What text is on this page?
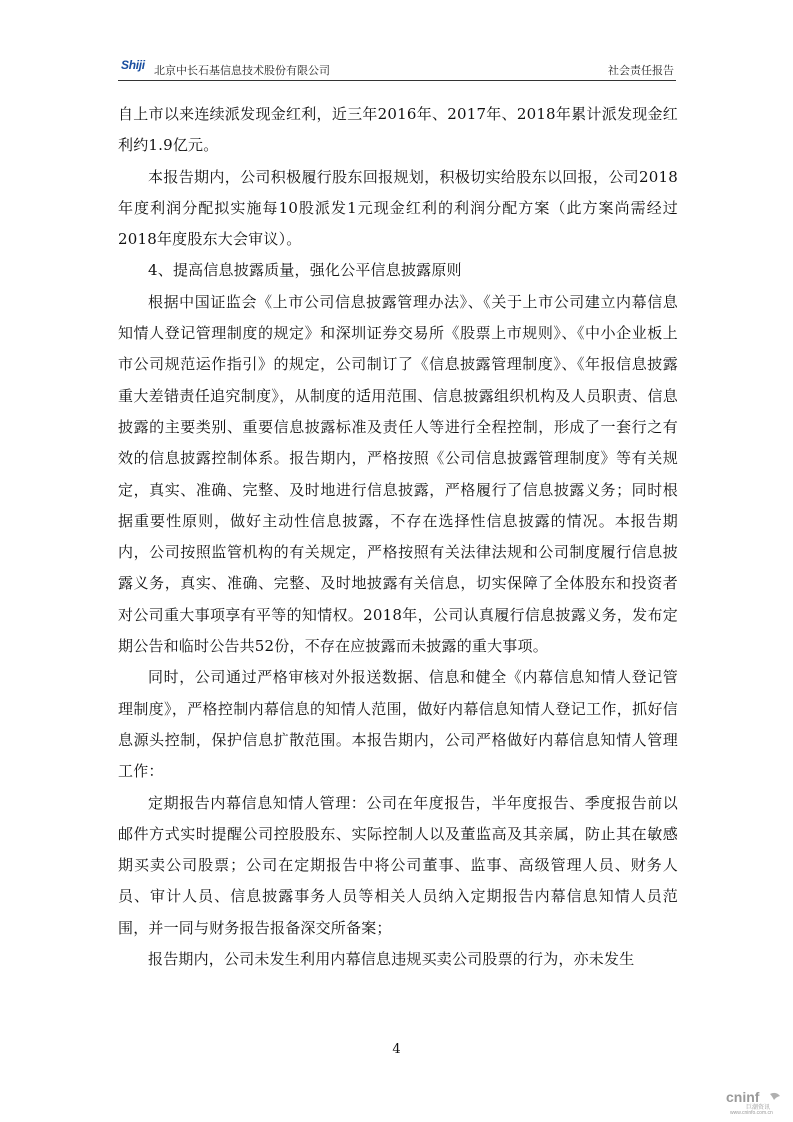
Shiji 北京中长石基信息技术股份有限公司	社会责任报告

自上市以来连续派发现金红利，近三年2016年、2017年、2018年累计派发现金红利约1.9亿元。

本报告期内，公司积极履行股东回报规划，积极切实给股东以回报，公司2018年度利润分配拟实施每10股派发1元现金红利的利润分配方案（此方案尚需经过2018年度股东大会审议）。

4、提高信息披露质量，强化公平信息披露原则

根据中国证监会《上市公司信息披露管理办法》、《关于上市公司建立内幕信息知情人登记管理制度的规定》和深圳证券交易所《股票上市规则》、《中小企业板上市公司规范运作指引》的规定，公司制订了《信息披露管理制度》、《年报信息披露重大差错责任追究制度》，从制度的适用范围、信息披露组织机构及人员职责、信息披露的主要类别、重要信息披露标准及责任人等进行全程控制，形成了一套行之有效的信息披露控制体系。报告期内，严格按照《公司信息披露管理制度》等有关规定，真实、准确、完整、及时地进行信息披露，严格履行了信息披露义务；同时根据重要性原则，做好主动性信息披露，不存在选择性信息披露的情况。本报告期内，公司按照监管机构的有关规定，严格按照有关法律法规和公司制度履行信息披露义务，真实、准确、完整、及时地披露有关信息，切实保障了全体股东和投资者对公司重大事项享有平等的知情权。2018年，公司认真履行信息披露义务，发布定期公告和临时公告共52份，不存在应披露而未披露的重大事项。

同时，公司通过严格审核对外报送数据、信息和健全《内幕信息知情人登记管理制度》，严格控制内幕信息的知情人范围，做好内幕信息知情人登记工作，抓好信息源头控制，保护信息扩散范围。本报告期内，公司严格做好内幕信息知情人管理工作：

定期报告内幕信息知情人管理：公司在年度报告，半年度报告、季度报告前以邮件方式实时提醒公司控股股东、实际控制人以及董监高及其亲属，防止其在敏感期买卖公司股票；公司在定期报告中将公司董事、监事、高级管理人员、财务人员、审计人员、信息披露事务人员等相关人员纳入定期报告内幕信息知情人员范围，并一同与财务报告报备深交所备案；

报告期内，公司未发生利用内幕信息违规买卖公司股票的行为，亦未发生

4
cninf
巨潮资讯
www.cninfo.com.cn
